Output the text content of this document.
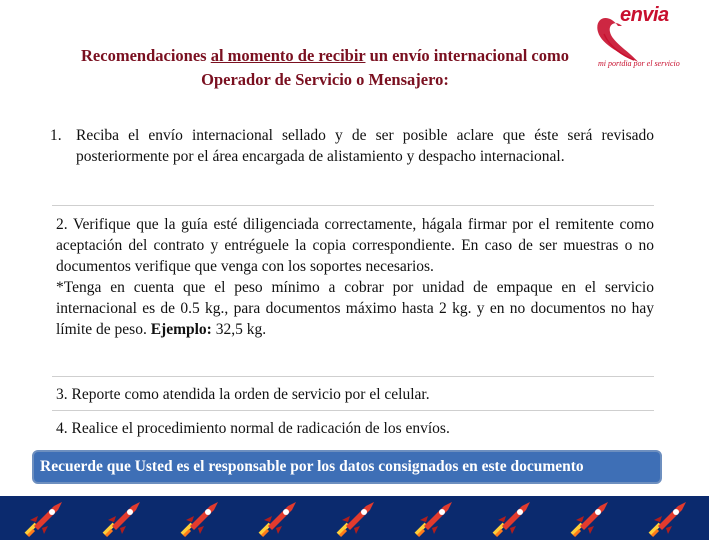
Recomendaciones al momento de recibir un envío internacional como Operador de Servicio o Mensajero:
envia
mi portdia por el servicio
1. Reciba el envío internacional sellado y de ser posible aclare que éste será revisado posteriormente por el área encargada de alistamiento y despacho internacional.
2. Verifique que la guía esté diligenciada correctamente, hágala firmar por el remitente como aceptación del contrato y entréguele la copia correspondiente. En caso de ser muestras o no documentos verifique que venga con los soportes necesarios.
*Tenga en cuenta que el peso mínimo a cobrar por unidad de empaque en el servicio internacional es de 0.5 kg., para documentos máximo hasta 2 kg. y en no documentos no hay límite de peso. Ejemplo: 32,5 kg.
3. Reporte como atendida la orden de servicio por el celular.
4. Realice el procedimiento normal de radicación de los envíos.
Recuerde que Usted es el responsable por los datos consignados en este documento
